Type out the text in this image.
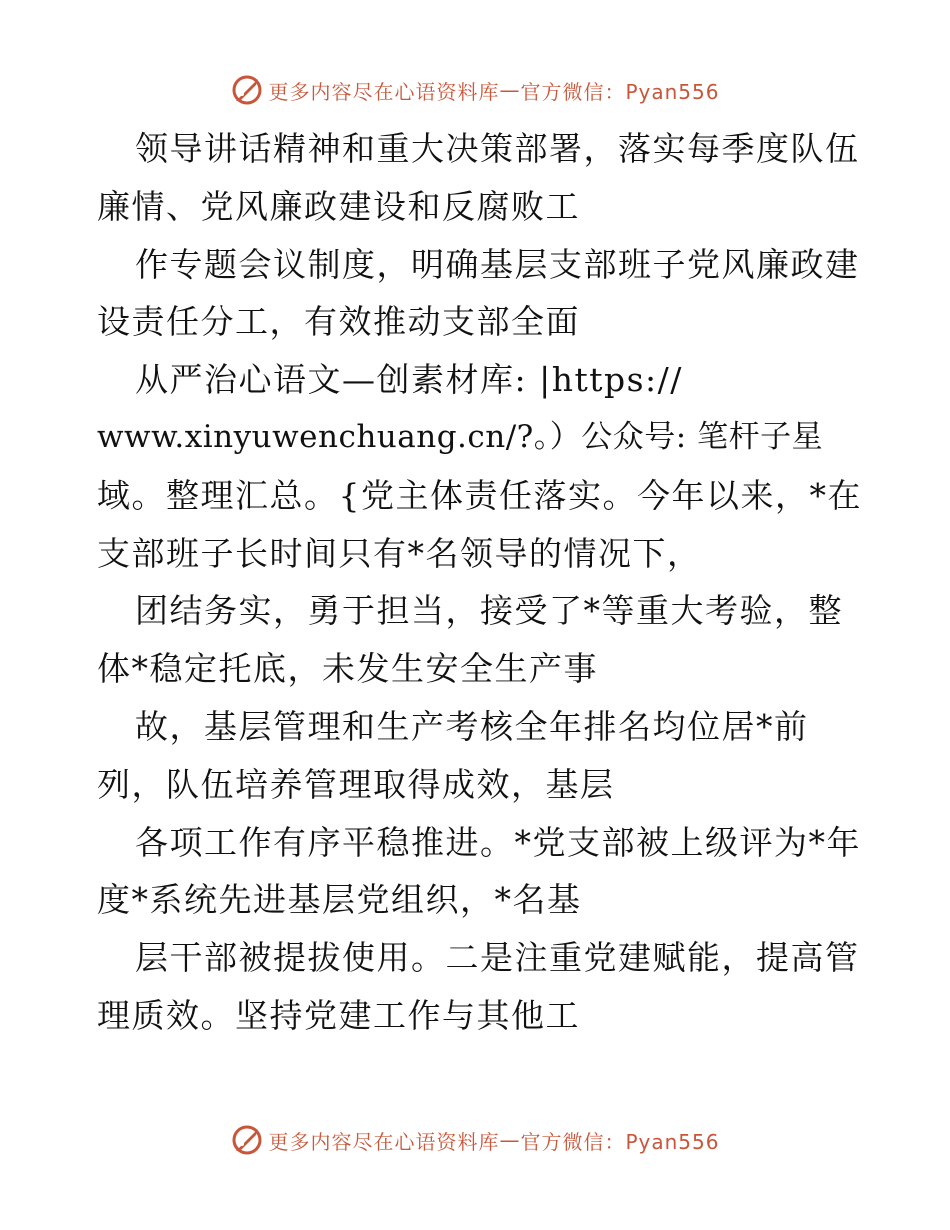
更多内容尽在心语资料库 — 官方微信：Pyan556
领导讲话精神和重大决策部署，落实每季度队伍
廉情、党风廉政建设和反腐败工
作专题会议制度，明确基层支部班子党风廉政建
设责任分工，有效推动支部全面
从严治心语文—创素材库: |https://
www.xinyuwenchuang.cn/?。）公众号: 笔杆子星
域。整理汇总。{党主体责任落实。今年以来，*在
支部班子长时间只有*名领导的情况下，
团结务实，勇于担当，接受了*等重大考验，整
体*稳定托底，未发生安全生产事
故，基层管理和生产考核全年排名均位居*前
列，队伍培养管理取得成效，基层
各项工作有序平稳推进。*党支部被上级评为*年
度*系统先进基层党组织，*名基
层干部被提拔使用。二是注重党建赋能，提高管
理质效。坚持党建工作与其他工
更多内容尽在心语资料库 — 官方微信：Pyan556
